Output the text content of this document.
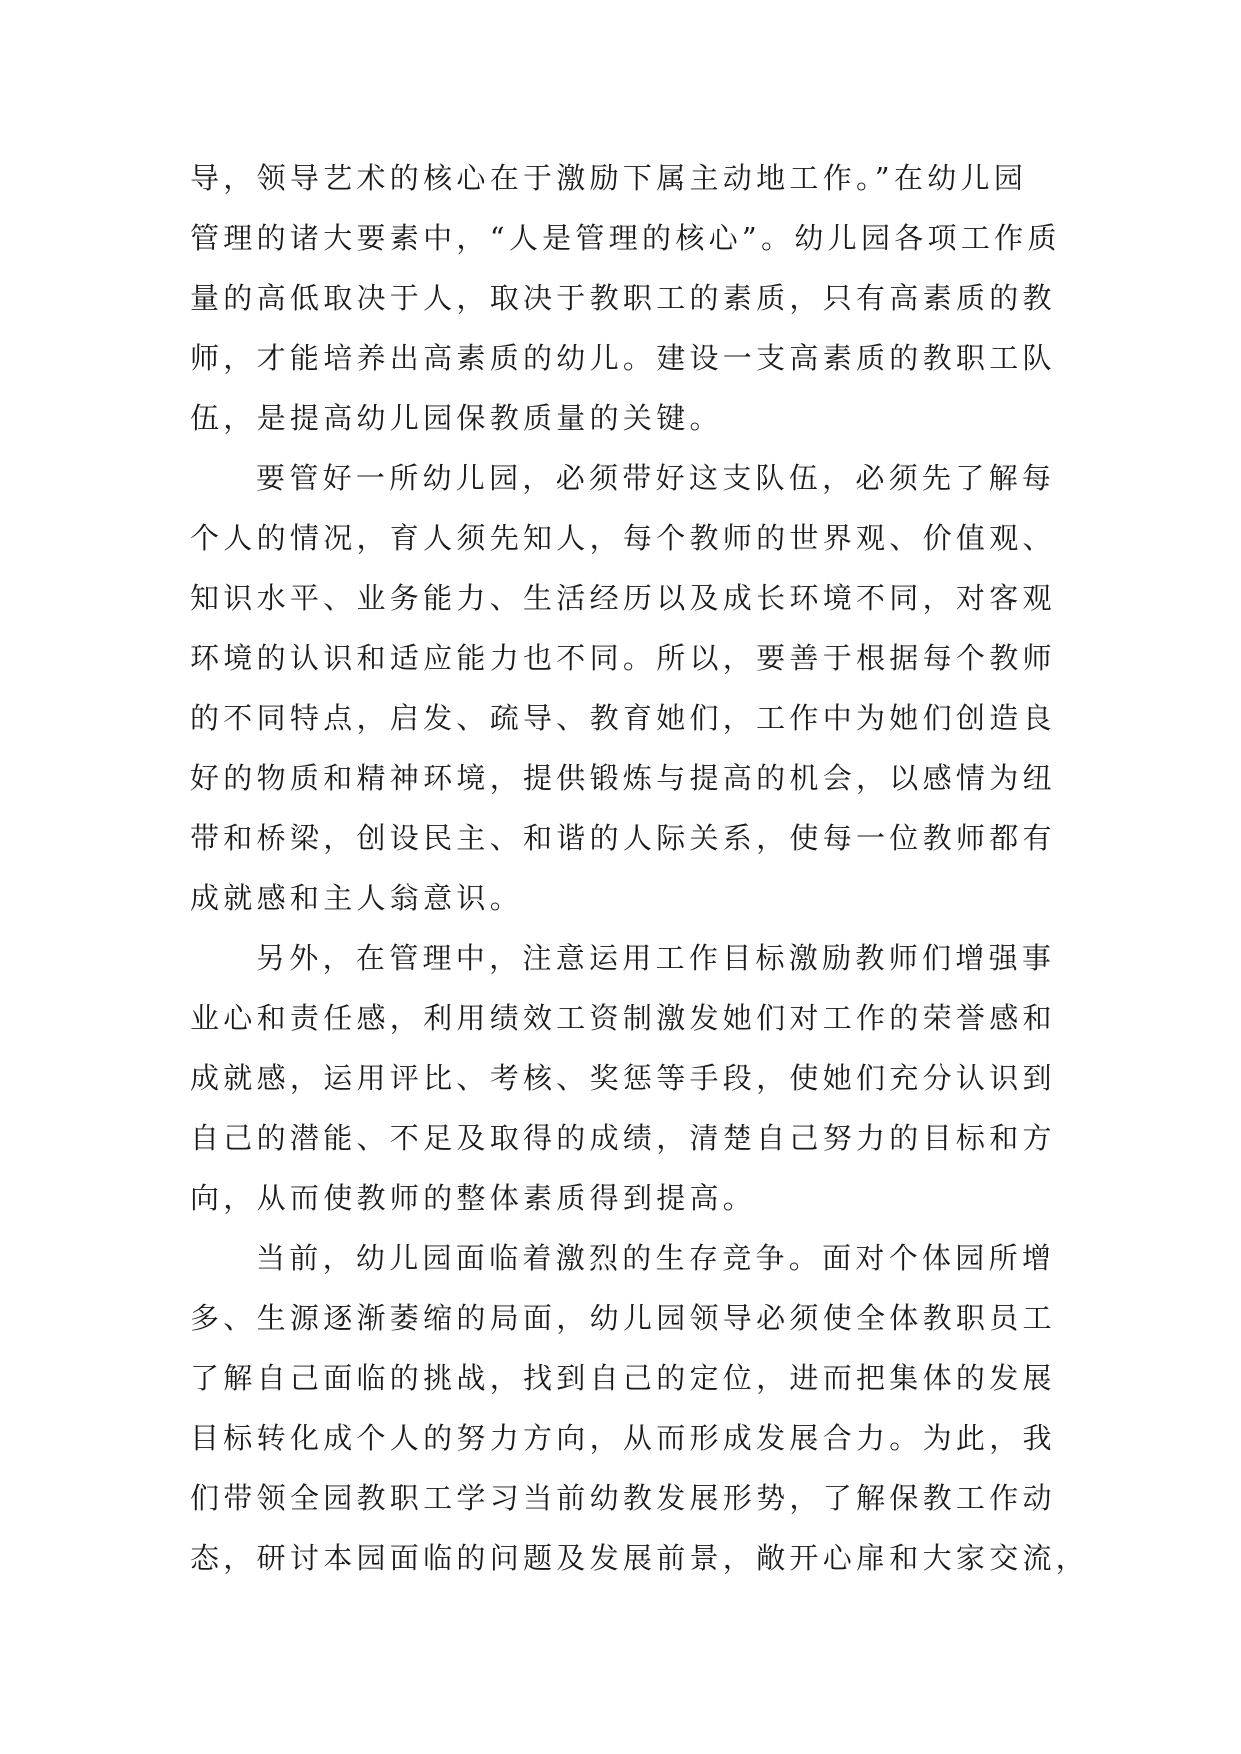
导，领导艺术的核心在于激励下属主动地工作。”在幼儿园
管理的诸大要素中，“人是管理的核心”。幼儿园各项工作质
量的高低取决于人，取决于教职工的素质，只有高素质的教
师，才能培养出高素质的幼儿。建设一支高素质的教职工队
伍，是提高幼儿园保教质量的关键。
要管好一所幼儿园，必须带好这支队伍，必须先了解每
个人的情况，育人须先知人，每个教师的世界观、价值观、
知识水平、业务能力、生活经历以及成长环境不同，对客观
环境的认识和适应能力也不同。所以，要善于根据每个教师
的不同特点，启发、疏导、教育她们，工作中为她们创造良
好的物质和精神环境，提供锻炼与提高的机会，以感情为纽
带和桥梁，创设民主、和谐的人际关系，使每一位教师都有
成就感和主人翁意识。
另外，在管理中，注意运用工作目标激励教师们增强事
业心和责任感，利用绩效工资制激发她们对工作的荣誉感和
成就感，运用评比、考核、奖惩等手段，使她们充分认识到
自己的潜能、不足及取得的成绩，清楚自己努力的目标和方
向，从而使教师的整体素质得到提高。
当前，幼儿园面临着激烈的生存竞争。面对个体园所增
多、生源逐渐萎缩的局面，幼儿园领导必须使全体教职员工
了解自己面临的挑战，找到自己的定位，进而把集体的发展
目标转化成个人的努力方向，从而形成发展合力。为此，我
们带领全园教职工学习当前幼教发展形势，了解保教工作动
态，研讨本园面临的问题及发展前景，敞开心扉和大家交流，
